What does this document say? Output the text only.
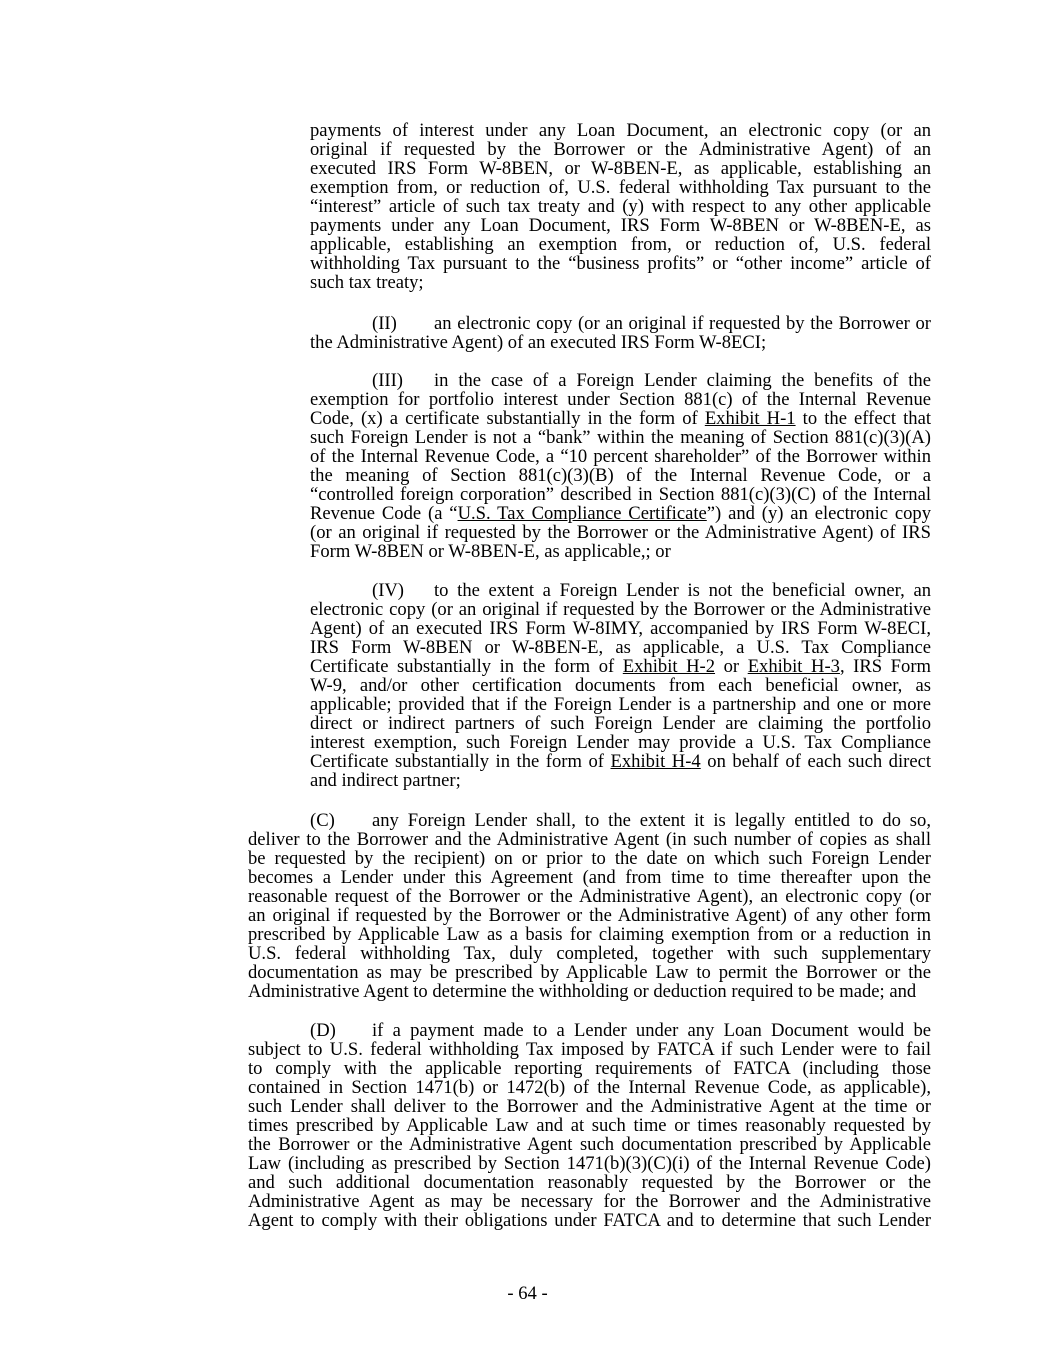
payments of interest under any Loan Document, an electronic copy (or an
original if requested by the Borrower or the Administrative Agent) of an
executed IRS Form W-8BEN, or W-8BEN-E, as applicable, establishing an
exemption from, or reduction of, U.S. federal withholding Tax pursuant to the
“interest” article of such tax treaty and (y) with respect to any other applicable
payments under any Loan Document, IRS Form W-8BEN or W-8BEN-E, as
applicable, establishing an exemption from, or reduction of, U.S. federal
withholding Tax pursuant to the “business profits” or “other income” article of
such tax treaty;
(II) an electronic copy (or an original if requested by the Borrower or
the Administrative Agent) of an executed IRS Form W-8ECI;
(III) in the case of a Foreign Lender claiming the benefits of the
exemption for portfolio interest under Section 881(c) of the Internal Revenue
Code, (x) a certificate substantially in the form of Exhibit H-1 to the effect that
such Foreign Lender is not a “bank” within the meaning of Section 881(c)(3)(A)
of the Internal Revenue Code, a “10 percent shareholder” of the Borrower within
the meaning of Section 881(c)(3)(B) of the Internal Revenue Code, or a
“controlled foreign corporation” described in Section 881(c)(3)(C) of the Internal
Revenue Code (a “U.S. Tax Compliance Certificate”) and (y) an electronic copy
(or an original if requested by the Borrower or the Administrative Agent) of IRS
Form W-8BEN or W-8BEN-E, as applicable,; or
(IV) to the extent a Foreign Lender is not the beneficial owner, an
electronic copy (or an original if requested by the Borrower or the Administrative
Agent) of an executed IRS Form W-8IMY, accompanied by IRS Form W-8ECI,
IRS Form W-8BEN or W-8BEN-E, as applicable, a U.S. Tax Compliance
Certificate substantially in the form of Exhibit H-2 or Exhibit H-3, IRS Form
W-9, and/or other certification documents from each beneficial owner, as
applicable; provided that if the Foreign Lender is a partnership and one or more
direct or indirect partners of such Foreign Lender are claiming the portfolio
interest exemption, such Foreign Lender may provide a U.S. Tax Compliance
Certificate substantially in the form of Exhibit H-4 on behalf of each such direct
and indirect partner;
(C) any Foreign Lender shall, to the extent it is legally entitled to do so,
deliver to the Borrower and the Administrative Agent (in such number of copies as shall
be requested by the recipient) on or prior to the date on which such Foreign Lender
becomes a Lender under this Agreement (and from time to time thereafter upon the
reasonable request of the Borrower or the Administrative Agent), an electronic copy (or
an original if requested by the Borrower or the Administrative Agent) of any other form
prescribed by Applicable Law as a basis for claiming exemption from or a reduction in
U.S. federal withholding Tax, duly completed, together with such supplementary
documentation as may be prescribed by Applicable Law to permit the Borrower or the
Administrative Agent to determine the withholding or deduction required to be made; and
(D) if a payment made to a Lender under any Loan Document would be
subject to U.S. federal withholding Tax imposed by FATCA if such Lender were to fail
to comply with the applicable reporting requirements of FATCA (including those
contained in Section 1471(b) or 1472(b) of the Internal Revenue Code, as applicable),
such Lender shall deliver to the Borrower and the Administrative Agent at the time or
times prescribed by Applicable Law and at such time or times reasonably requested by
the Borrower or the Administrative Agent such documentation prescribed by Applicable
Law (including as prescribed by Section 1471(b)(3)(C)(i) of the Internal Revenue Code)
and such additional documentation reasonably requested by the Borrower or the
Administrative Agent as may be necessary for the Borrower and the Administrative
Agent to comply with their obligations under FATCA and to determine that such Lender
- 64 -
